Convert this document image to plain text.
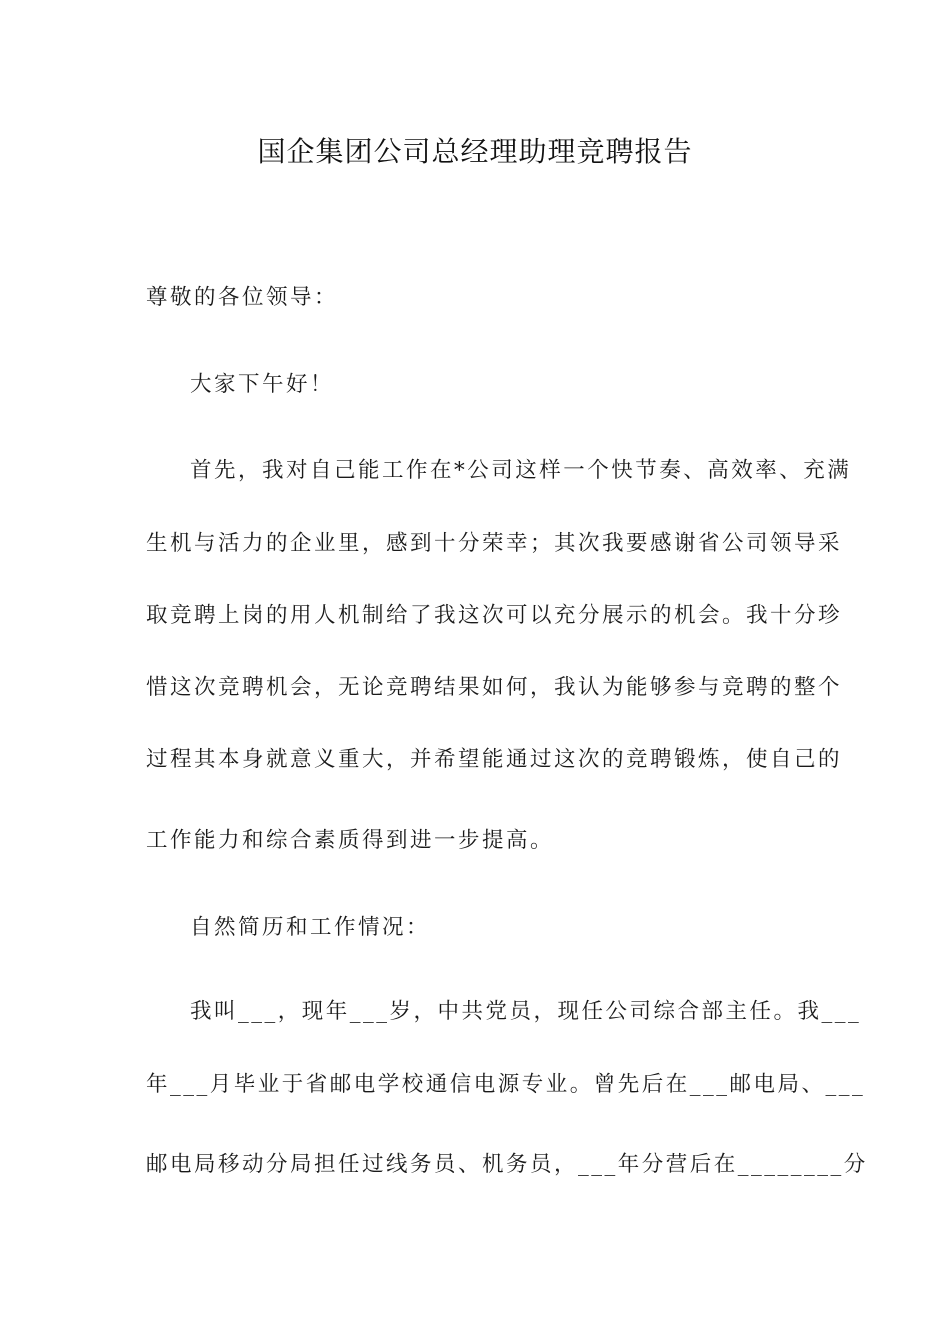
国企集团公司总经理助理竞聘报告
尊敬的各位领导：
大家下午好！
首先，我对自己能工作在*公司这样一个快节奏、高效率、充满
生机与活力的企业里，感到十分荣幸；其次我要感谢省公司领导采
取竞聘上岗的用人机制给了我这次可以充分展示的机会。我十分珍
惜这次竞聘机会，无论竞聘结果如何，我认为能够参与竞聘的整个
过程其本身就意义重大，并希望能通过这次的竞聘锻炼，使自己的
工作能力和综合素质得到进一步提高。
自然简历和工作情况：
我叫___，现年___岁，中共党员，现任公司综合部主任。我___
年___月毕业于省邮电学校通信电源专业。曾先后在___邮电局、___
邮电局移动分局担任过线务员、机务员，___年分营后在________分
